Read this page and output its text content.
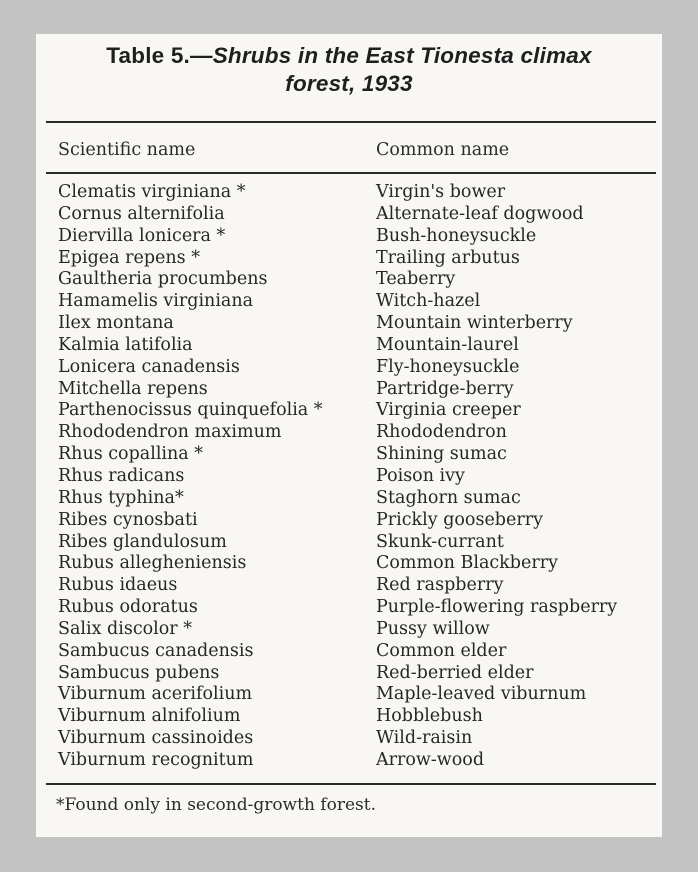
Table 5.—Shrubs in the East Tionesta climax
forest, 1933
Scientific name	Common name
Clematis virginiana *	Virgin's bower
Cornus alternifolia	Alternate-leaf dogwood
Diervilla lonicera *	Bush-honeysuckle
Epigea repens *	Trailing arbutus
Gaultheria procumbens	Teaberry
Hamamelis virginiana	Witch-hazel
Ilex montana	Mountain winterberry
Kalmia latifolia	Mountain-laurel
Lonicera canadensis	Fly-honeysuckle
Mitchella repens	Partridge-berry
Parthenocissus quinquefolia *	Virginia creeper
Rhododendron maximum	Rhododendron
Rhus copallina *	Shining sumac
Rhus radicans	Poison ivy
Rhus typhina*	Staghorn sumac
Ribes cynosbati	Prickly gooseberry
Ribes glandulosum	Skunk-currant
Rubus allegheniensis	Common Blackberry
Rubus idaeus	Red raspberry
Rubus odoratus	Purple-flowering raspberry
Salix discolor *	Pussy willow
Sambucus canadensis	Common elder
Sambucus pubens	Red-berried elder
Viburnum acerifolium	Maple-leaved viburnum
Viburnum alnifolium	Hobblebush
Viburnum cassinoides	Wild-raisin
Viburnum recognitum	Arrow-wood
*Found only in second-growth forest.
